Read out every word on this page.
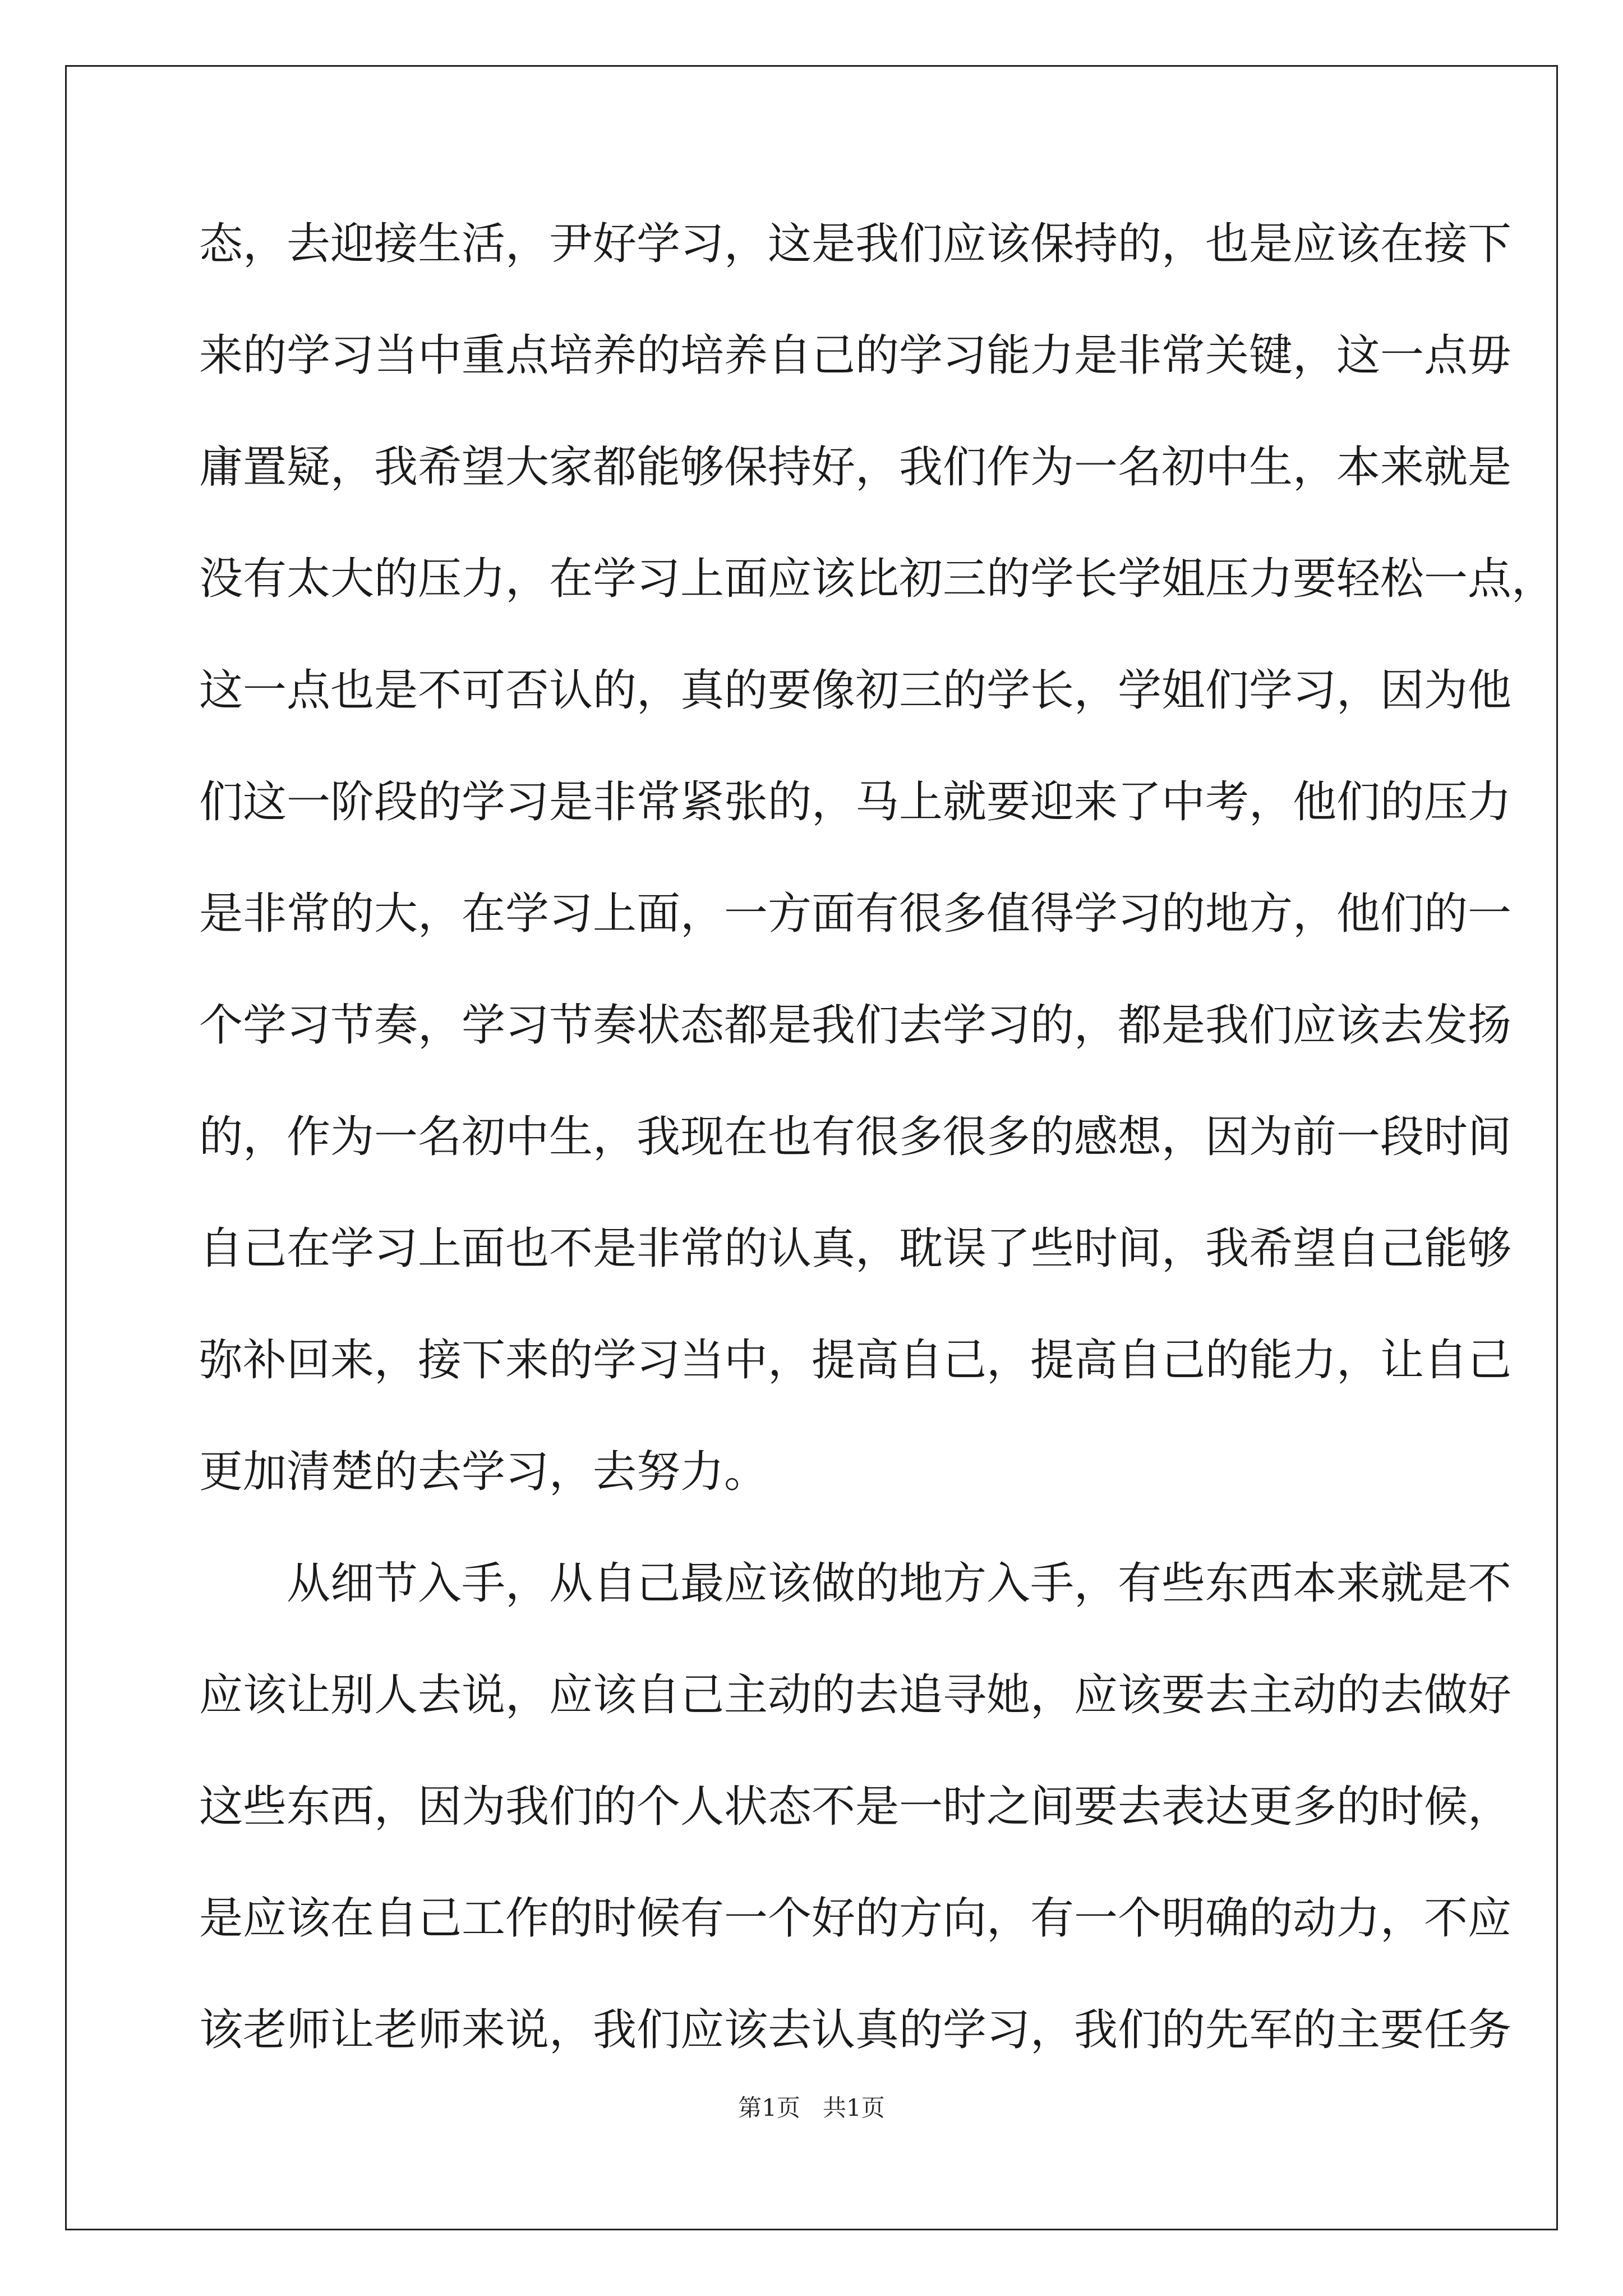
态，去迎接生活，尹好学习，这是我们应该保持的，也是应该在接下
来的学习当中重点培养的培养自己的学习能力是非常关键，这一点毋
庸置疑，我希望大家都能够保持好，我们作为一名初中生，本来就是
没有太大的压力，在学习上面应该比初三的学长学姐压力要轻松一点，
这一点也是不可否认的，真的要像初三的学长，学姐们学习，因为他
们这一阶段的学习是非常紧张的，马上就要迎来了中考，他们的压力
是非常的大，在学习上面，一方面有很多值得学习的地方，他们的一
个学习节奏，学习节奏状态都是我们去学习的，都是我们应该去发扬
的，作为一名初中生，我现在也有很多很多的感想，因为前一段时间
自己在学习上面也不是非常的认真，耽误了些时间，我希望自己能够
弥补回来，接下来的学习当中，提高自己，提高自己的能力，让自己
更加清楚的去学习，去努力。
从细节入手，从自己最应该做的地方入手，有些东西本来就是不
应该让别人去说，应该自己主动的去追寻她，应该要去主动的去做好
这些东西，因为我们的个人状态不是一时之间要去表达更多的时候，
是应该在自己工作的时候有一个好的方向，有一个明确的动力，不应
该老师让老师来说，我们应该去认真的学习，我们的先军的主要任务
第1页   共1页
